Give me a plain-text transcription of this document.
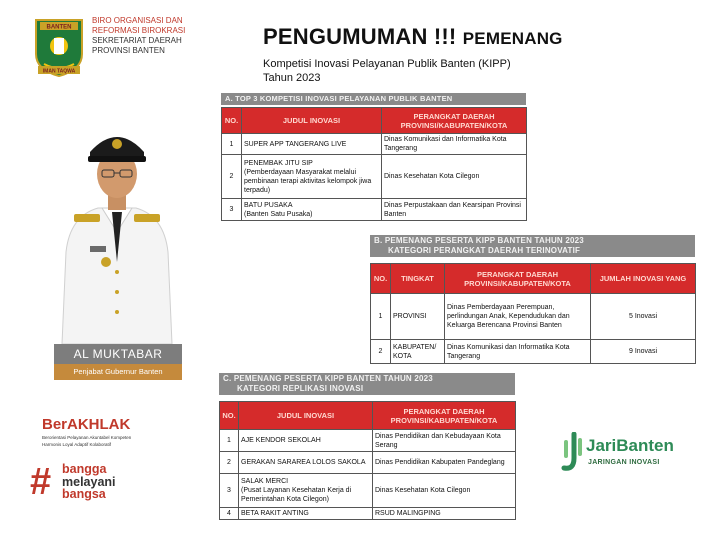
BANTEN
IMAN TAQWA
BIRO ORGANISASI DAN
REFORMASI BIROKRASI
SEKRETARIAT DAERAH
PROVINSI BANTEN
PENGUMUMAN !!! PEMENANG
Kompetisi Inovasi Pelayanan Publik Banten (KIPP)
Tahun 2023
AL MUKTABAR
Penjabat Gubernur Banten
A. TOP 3 KOMPETISI INOVASI PELAYANAN PUBLIK BANTEN
NO.	JUDUL INOVASI	PERANGKAT DAERAH PROVINSI/KABUPATEN/KOTA
1	SUPER APP TANGERANG LIVE	Dinas Komunikasi dan Informatika Kota Tangerang
2	PENEMBAK JITU SIP
(Pemberdayaan Masyarakat melalui pembinaan terapi aktivitas kelompok jiwa terpadu)	Dinas Kesehatan Kota Cilegon
3	BATU PUSAKA
(Banten Satu Pusaka)	Dinas Perpustakaan dan Kearsipan Provinsi Banten
B. PEMENANG PESERTA KIPP BANTEN TAHUN 2023
KATEGORI PERANGKAT DAERAH TERINOVATIF
NO.	TINGKAT	PERANGKAT DAERAH PROVINSI/KABUPATEN/KOTA	JUMLAH INOVASI YANG
1	PROVINSI	Dinas Pemberdayaan Perempuan, perlindungan Anak, Kependudukan dan Keluarga Berencana Provinsi Banten	5 Inovasi
2	KABUPATEN/ KOTA	Dinas Komunikasi dan Informatika Kota Tangerang	9 Inovasi
C. PEMENANG PESERTA KIPP BANTEN TAHUN 2023
KATEGORI REPLIKASI INOVASI
NO.	JUDUL INOVASI	PERANGKAT DAERAH PROVINSI/KABUPATEN/KOTA
1	AJE KENDOR SEKOLAH	Dinas Pendidikan dan Kebudayaan Kota Serang
2	GERAKAN SARAREA LOLOS SAKOLA	Dinas Pendidikan Kabupaten Pandeglang
3	SALAK MERCI
(Pusat Layanan Kesehatan Kerja di Pemerintahan Kota Cilegon)	Dinas Kesehatan Kota Cilegon
4	BETA RAKIT ANTING	RSUD MALINGPING
BerAKHLAK
Berorientasi Pelayanan Akuntabel Kompeten
Harmonis Loyal Adaptif Kolaboratif
# bangga
melayani
bangsa
JariBanten
JARINGAN INOVASI
